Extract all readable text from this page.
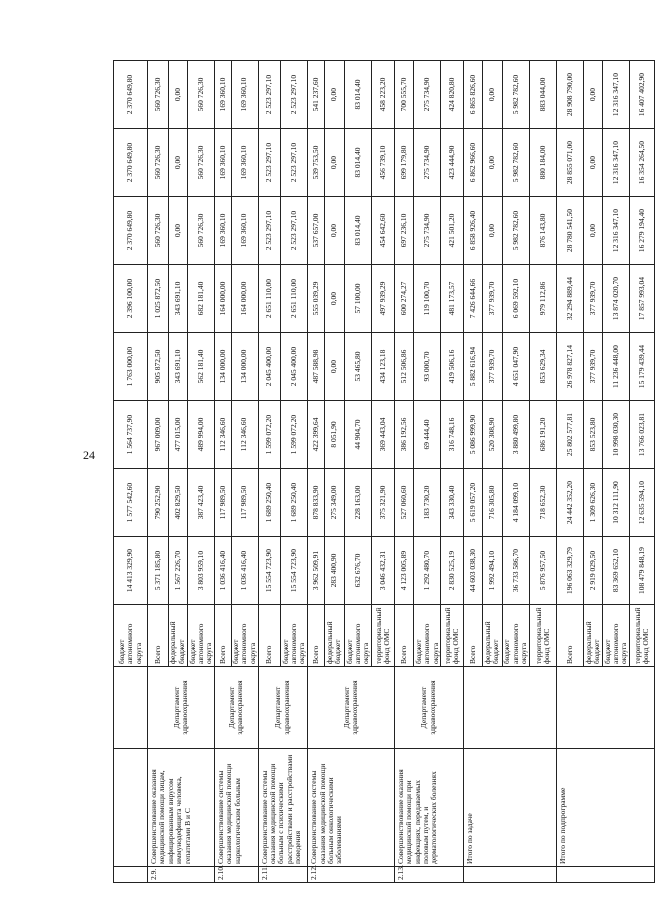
24
			бюджет автономного округа	14 413 329,90	1 577 542,60	1 564 737,90	1 763 000,00	2 396 100,00	2 370 649,80	2 370 649,80	2 370 649,80
2.9.	Совершенствование оказания медицинской помощи лицам, инфицированным вирусом иммунодефицита человека, гепатитами B и C	Департамент здравоохранения	Всего	5 371 185,80	790 252,90	967 009,00	905 872,50	1 025 872,50	560 726,30	560 726,30	560 726,30
			федеральный бюджет	1 567 226,70	402 829,50	477 015,00	343 691,10	343 691,10	0,00	0,00	0,00
			бюджет автономного округа	3 803 959,10	387 423,40	489 994,00	562 181,40	682 181,40	560 726,30	560 726,30	560 726,30
2.10.	Совершенствование системы оказания медицинской помощи наркологическим больным	Департамент здравоохранения	Всего	1 036 416,40	117 989,50	112 346,60	134 000,00	164 000,00	169 360,10	169 360,10	169 360,10
			бюджет автономного округа	1 036 416,40	117 989,50	112 346,60	134 000,00	164 000,00	169 360,10	169 360,10	169 360,10
2.11.	Совершенствование системы оказания медицинской помощи больным с психическими расстройствами и расстройствами поведения	Департамент здравоохранения	Всего	15 554 723,90	1 689 250,40	1 599 072,20	2 045 400,00	2 651 110,00	2 523 297,10	2 523 297,10	2 523 297,10
			бюджет автономного округа	15 554 723,90	1 689 250,40	1 599 072,20	2 045 400,00	2 651 110,00	2 523 297,10	2 523 297,10	2 523 297,10
2.12.	Совершенствование системы оказания медицинской помощи больным онкологическими заболеваниями	Департамент здравоохранения	Всего	3 962 509,91	878 833,90	422 399,64	487 588,98	555 039,29	537 657,00	539 753,50	541 237,60
			федеральный бюджет	283 400,90	275 349,00	8 051,90	0,00	0,00	0,00	0,00	0,00
			бюджет автономного округа	632 676,70	228 163,00	44 904,70	53 465,80	57 100,00	83 014,40	83 014,40	83 014,40
			территориальный фонд ОМС	3 046 432,31	375 321,90	369 443,04	434 123,18	497 939,29	454 642,60	456 739,10	458 223,20
2.13.	Совершенствование оказания медицинской помощи при инфекциях, передаваемых половым путем, и дерматологических болезнях	Департамент здравоохранения	Всего	4 123 005,89	527 060,60	386 192,56	512 506,86	600 274,27	697 236,10	699 179,80	700 555,70
			бюджет автономного округа	1 292 480,70	183 730,20	69 444,40	93 000,70	119 100,70	275 734,90	275 734,90	275 734,90
			территориальный фонд ОМС	2 830 525,19	343 330,40	316 748,16	419 506,16	481 173,57	421 501,20	423 444,90	424 820,80
	Итого по задаче		Всего	44 603 038,30	5 619 057,20	5 086 999,90	5 882 616,94	7 426 644,66	6 858 926,40	6 862 966,60	6 865 826,60
			федеральный бюджет	1 992 494,10	716 305,80	520 308,90	377 939,70	377 939,70	0,00	0,00	0,00
			бюджет автономного округа	36 733 586,70	4 184 099,10	3 880 499,80	4 651 047,90	6 069 592,10	5 982 782,60	5 982 782,60	5 982 782,60
			территориальный фонд ОМС	5 876 957,50	718 652,30	686 191,20	853 629,34	979 112,86	876 143,80	880 184,00	883 044,00
	Итого по подпрограмме		Всего	196 063 329,79	24 442 352,20	25 802 577,81	26 978 827,14	32 294 889,44	28 780 541,50	28 855 071,00	28 908 790,00
			федеральный бюджет	2 919 029,50	1 309 626,30	853 523,80	377 939,70	377 939,70	0,00	0,00	0,00
			бюджет автономного округа	83 369 652,10	10 312 111,90	10 998 030,30	11 236 448,00	13 874 020,70	12 316 347,10	12 316 347,10	12 316 347,10
			территориальный фонд ОМС	108 479 848,19	12 635 594,10	13 766 023,81	15 179 439,44	17 857 993,04	16 279 194,40	16 354 264,50	16 407 402,90
